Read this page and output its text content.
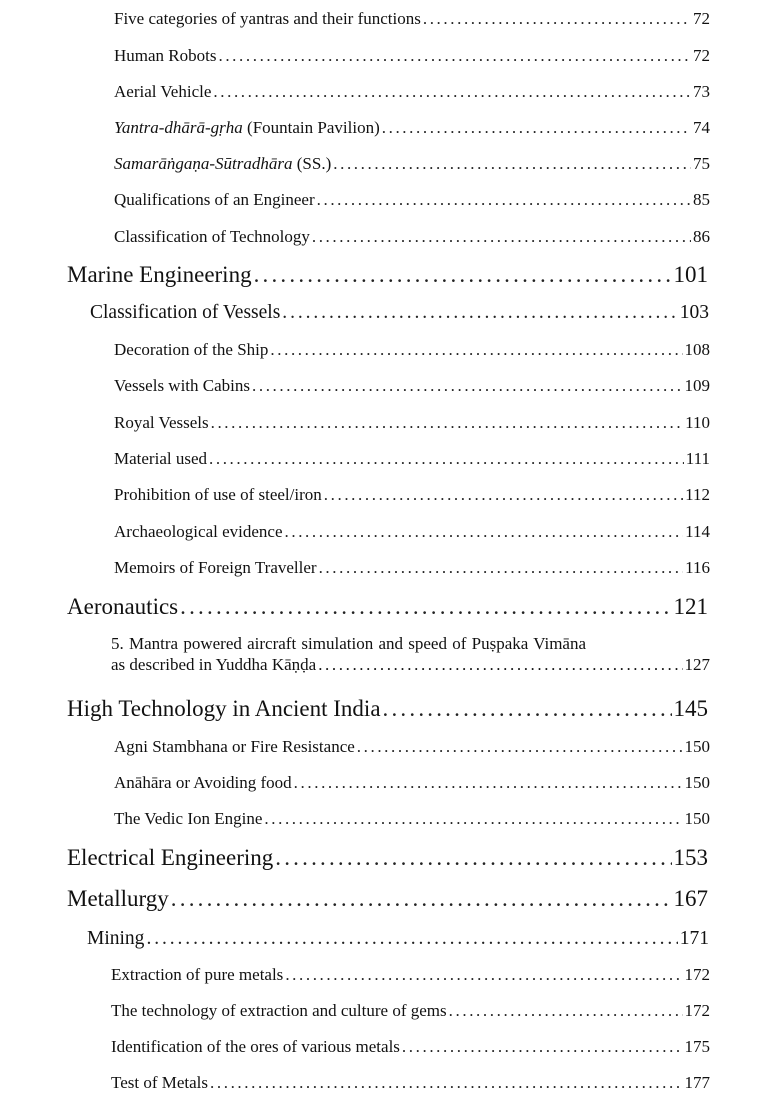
Five categories of yantras and their functions .....	72
Human Robots .....	72
Aerial Vehicle .....	73
Yantra-dhārā-gṛha (Fountain Pavilion) .....	74
Samarāṅgaṇa-Sūtradhāra (SS.) .....	75
Qualifications of an Engineer .....	85
Classification of Technology .....	86
Marine Engineering .....	101
Classification of Vessels .....	103
Decoration of the Ship .....	108
Vessels with Cabins .....	109
Royal Vessels .....	110
Material used .....	111
Prohibition of use of steel/iron .....	112
Archaeological evidence .....	114
Memoirs of Foreign Traveller .....	116
Aeronautics .....	121
5. Mantra powered aircraft simulation and speed of Puṣpaka Vimāna
as described in Yuddha Kāṇḍa .....	127
High Technology in Ancient India .....	145
Agni Stambhana or Fire Resistance .....	150
Anāhāra or Avoiding food .....	150
The Vedic Ion Engine .....	150
Electrical Engineering .....	153
Metallurgy .....	167
Mining .....	171
Extraction of pure metals .....	172
The technology of extraction and culture of gems .....	172
Identification of the ores of various metals .....	175
Test of Metals .....	177
